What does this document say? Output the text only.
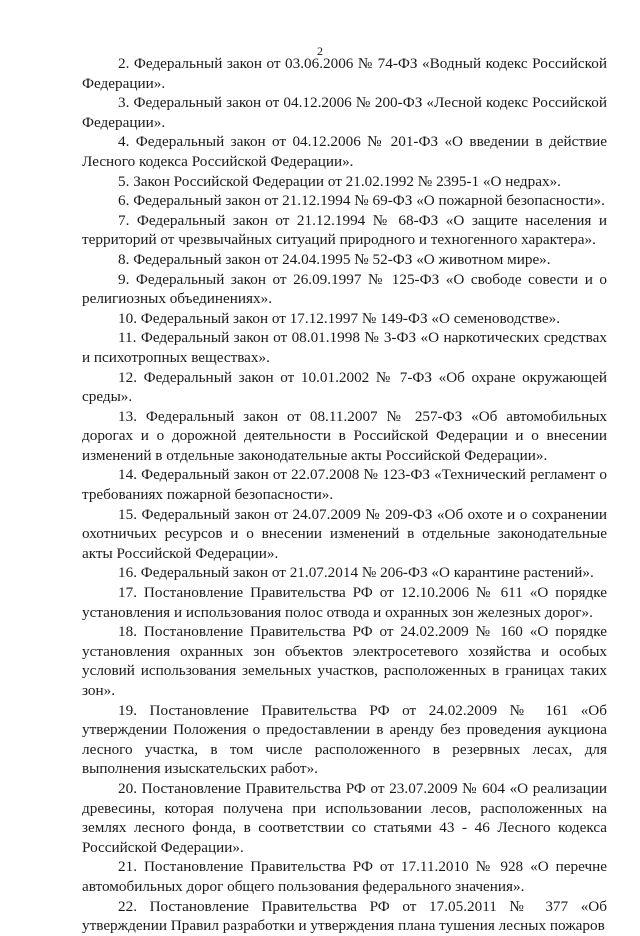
2

2. Федеральный закон от 03.06.2006 № 74-ФЗ «Водный кодекс Российской Федерации».

3. Федеральный закон от 04.12.2006 № 200-ФЗ «Лесной кодекс Российской Федерации».

4. Федеральный закон от 04.12.2006 № 201-ФЗ «О введении в действие Лесного кодекса Российской Федерации».

5. Закон Российской Федерации от 21.02.1992 № 2395-1 «О недрах».

6. Федеральный закон от 21.12.1994 № 69-ФЗ «О пожарной безопасности».

7. Федеральный закон от 21.12.1994 № 68-ФЗ «О защите населения и территорий от чрезвычайных ситуаций природного и техногенного характера».

8. Федеральный закон от 24.04.1995 № 52-ФЗ «О животном мире».

9. Федеральный закон от 26.09.1997 № 125-ФЗ «О свободе совести и о религиозных объединениях».

10. Федеральный закон от 17.12.1997 № 149-ФЗ «О семеноводстве».

11. Федеральный закон от 08.01.1998 № 3-ФЗ «О наркотических средствах и психотропных веществах».

12. Федеральный закон от 10.01.2002 № 7-ФЗ «Об охране окружающей среды».

13. Федеральный закон от 08.11.2007 № 257-ФЗ «Об автомобильных дорогах и о дорожной деятельности в Российской Федерации и о внесении изменений в отдельные законодательные акты Российской Федерации».

14. Федеральный закон от 22.07.2008 № 123-ФЗ «Технический регламент о требованиях пожарной безопасности».

15. Федеральный закон от 24.07.2009 № 209-ФЗ «Об охоте и о сохранении охотничьих ресурсов и о внесении изменений в отдельные законодательные акты Российской Федерации».

16. Федеральный закон от 21.07.2014 № 206-ФЗ «О карантине растений».

17. Постановление Правительства РФ от 12.10.2006 № 611 «О порядке установления и использования полос отвода и охранных зон железных дорог».

18. Постановление Правительства РФ от 24.02.2009 № 160 «О порядке установления охранных зон объектов электросетевого хозяйства и особых условий использования земельных участков, расположенных в границах таких зон».

19. Постановление Правительства РФ от 24.02.2009 № 161 «Об утверждении Положения о предоставлении в аренду без проведения аукциона лесного участка, в том числе расположенного в резервных лесах, для выполнения изыскательских работ».

20. Постановление Правительства РФ от 23.07.2009 № 604 «О реализации древесины, которая получена при использовании лесов, расположенных на землях лесного фонда, в соответствии со статьями 43 - 46 Лесного кодекса Российской Федерации».

21. Постановление Правительства РФ от 17.11.2010 № 928 «О перечне автомобильных дорог общего пользования федерального значения».

22. Постановление Правительства РФ от 17.05.2011 № 377 «Об утверждении Правил разработки и утверждения плана тушения лесных пожаров
